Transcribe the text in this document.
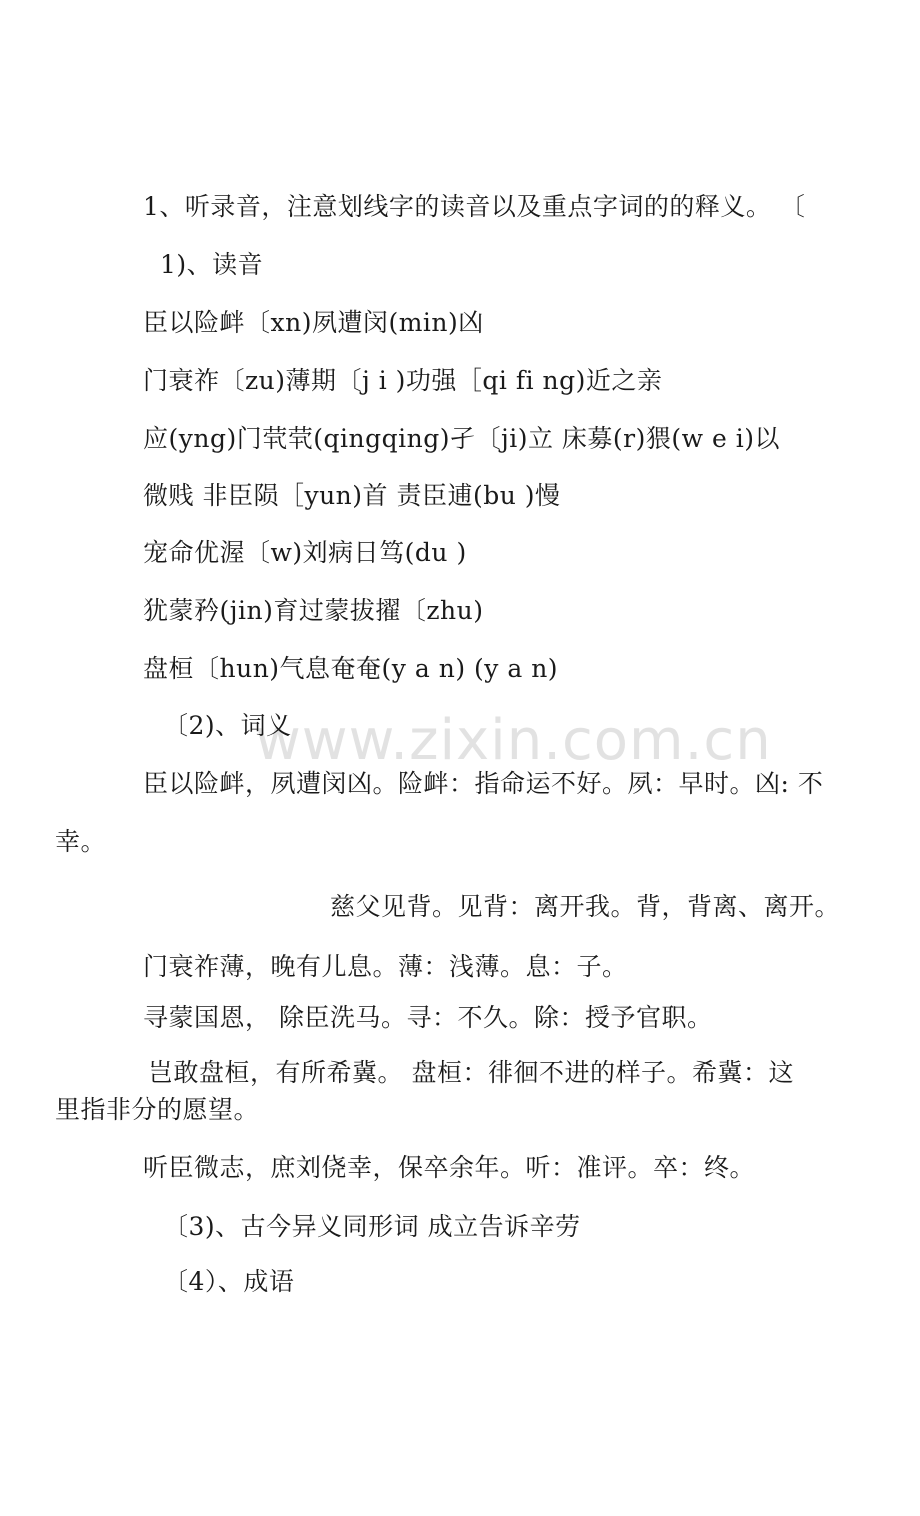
www.zixin.com.cn
1、听录音，注意划线字的读音以及重点字词的的释义。 〔
1)、读音
臣以险衅〔xn)夙遭闵(min)凶
门衰祚〔zu)薄期〔j i )功强［qi fi ng)近之亲
应(yng)门茕茕(qingqing)孑〔ji)立 床募(r)猥(w e i)以
微贱 非臣陨［yun)首 责臣逋(bu )慢
宠命优渥〔w)刘病日笃(du )
犹蒙矜(jin)育过蒙拔擢〔zhu)
盘桓〔hun)气息奄奄(y a n) (y a n)
〔2)、词义
臣以险衅，夙遭闵凶。险衅：指命运不好。夙：早时。凶: 不
幸。
慈父见背。见背：离开我。背，背离、离开。
门衰祚薄，晚有儿息。薄：浅薄。息：子。
寻蒙国恩， 除臣洗马。寻：不久。除：授予官职。
岂敢盘桓，有所希冀。 盘桓：徘徊不进的样子。希冀：这
里指非分的愿望。
听臣微志，庶刘侥幸，保卒余年。听：准评。卒：终。
〔3)、古今异义同形词 成立告诉辛劳
〔4）、成语
